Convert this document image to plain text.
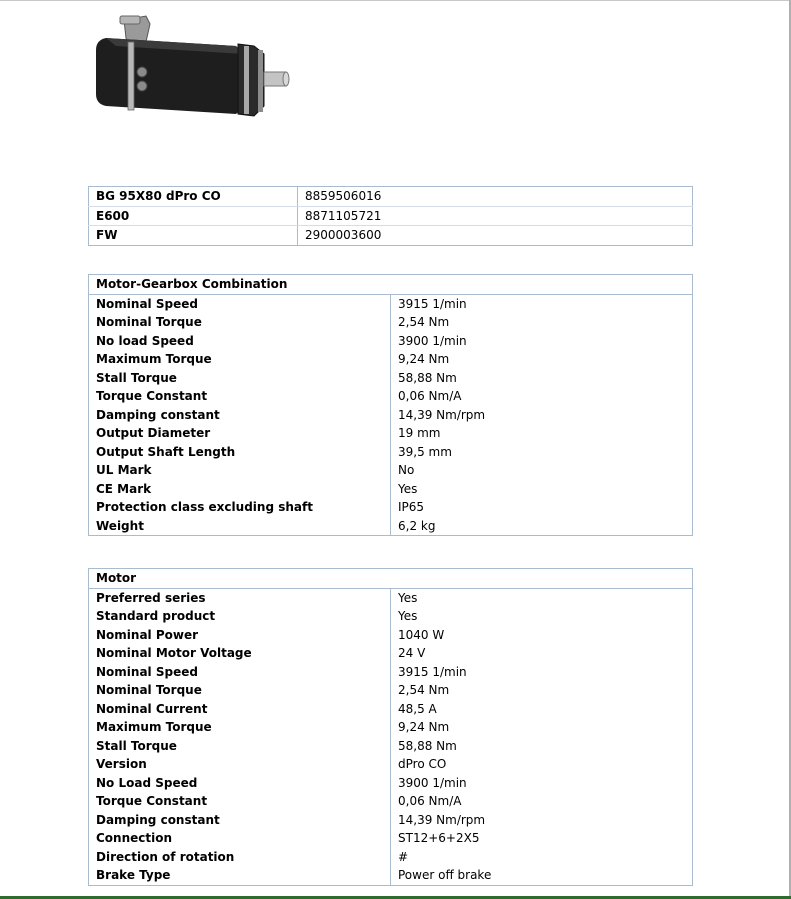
BG 95X80 dPro CO	8859506016
E600	8871105721
FW	2900003600
Motor-Gearbox Combination	
Nominal Speed	3915 1/min
Nominal Torque	2,54 Nm
No load Speed	3900 1/min
Maximum Torque	9,24 Nm
Stall Torque	58,88 Nm
Torque Constant	0,06 Nm/A
Damping constant	14,39 Nm/rpm
Output Diameter	19 mm
Output Shaft Length	39,5 mm
UL Mark	No
CE Mark	Yes
Protection class excluding shaft	IP65
Weight	6,2 kg
Motor	
Preferred series	Yes
Standard product	Yes
Nominal Power	1040 W
Nominal Motor Voltage	24 V
Nominal Speed	3915 1/min
Nominal Torque	2,54 Nm
Nominal Current	48,5 A
Maximum Torque	9,24 Nm
Stall Torque	58,88 Nm
Version	dPro CO
No Load Speed	3900 1/min
Torque Constant	0,06 Nm/A
Damping constant	14,39 Nm/rpm
Connection	ST12+6+2X5
Direction of rotation	#
Brake Type	Power off brake
